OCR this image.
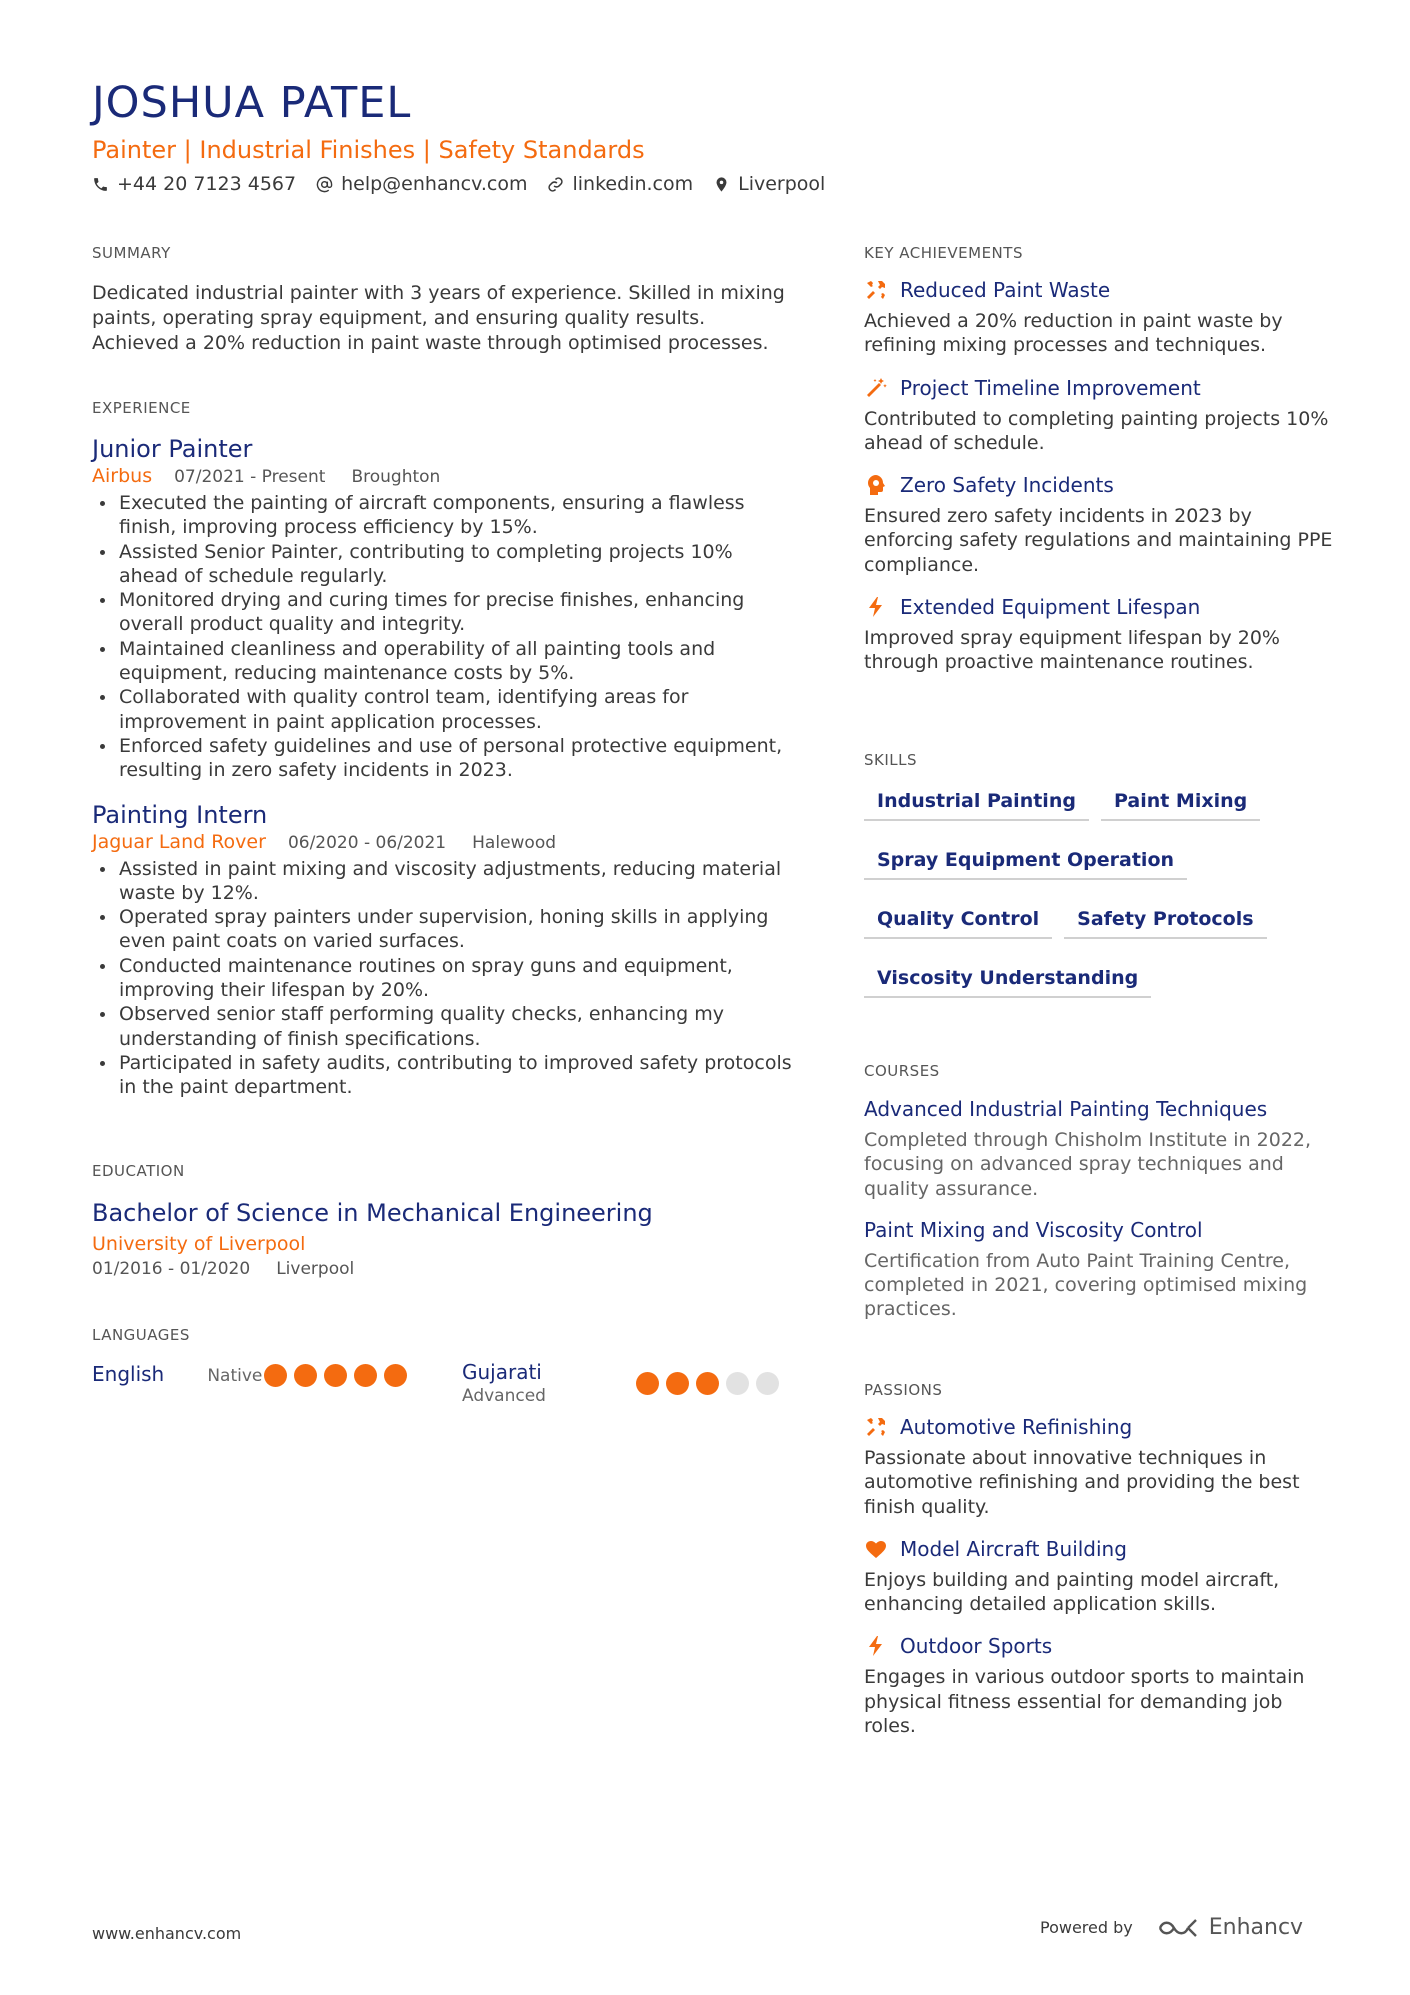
JOSHUA PATEL
Painter | Industrial Finishes | Safety Standards
+44 20 7123 4567 help@enhancv.com linkedin.com Liverpool
SUMMARY

Dedicated industrial painter with 3 years of experience. Skilled in mixing paints, operating spray equipment, and ensuring quality results. Achieved a 20% reduction in paint waste through optimised processes.

EXPERIENCE
Junior Painter
Airbus 07/2021 - Present Broughton
Executed the painting of aircraft components, ensuring a flawless finish, improving process efficiency by 15%.
Assisted Senior Painter, contributing to completing projects 10% ahead of schedule regularly.
Monitored drying and curing times for precise finishes, enhancing overall product quality and integrity.
Maintained cleanliness and operability of all painting tools and equipment, reducing maintenance costs by 5%.
Collaborated with quality control team, identifying areas for improvement in paint application processes.
Enforced safety guidelines and use of personal protective equipment, resulting in zero safety incidents in 2023.
Painting Intern
Jaguar Land Rover 06/2020 - 06/2021 Halewood
Assisted in paint mixing and viscosity adjustments, reducing material waste by 12%.
Operated spray painters under supervision, honing skills in applying even paint coats on varied surfaces.
Conducted maintenance routines on spray guns and equipment, improving their lifespan by 20%.
Observed senior staff performing quality checks, enhancing my understanding of finish specifications.
Participated in safety audits, contributing to improved safety protocols in the paint department.
EDUCATION
Bachelor of Science in Mechanical Engineering
University of Liverpool
01/2016 - 01/2020 Liverpool
LANGUAGES
English	Native	Gujarati
Advanced
KEY ACHIEVEMENTS
Reduced Paint Waste
Achieved a 20% reduction in paint waste by refining mixing processes and techniques.
Project Timeline Improvement
Contributed to completing painting projects 10% ahead of schedule.
Zero Safety Incidents
Ensured zero safety incidents in 2023 by enforcing safety regulations and maintaining PPE compliance.
Extended Equipment Lifespan
Improved spray equipment lifespan by 20% through proactive maintenance routines.
SKILLS
Industrial Painting	Paint Mixing
Spray Equipment Operation
Quality Control	Safety Protocols
Viscosity Understanding
COURSES
Advanced Industrial Painting Techniques
Completed through Chisholm Institute in 2022, focusing on advanced spray techniques and quality assurance.
Paint Mixing and Viscosity Control
Certification from Auto Paint Training Centre, completed in 2021, covering optimised mixing practices.
PASSIONS
Automotive Refinishing
Passionate about innovative techniques in automotive refinishing and providing the best finish quality.
Model Aircraft Building
Enjoys building and painting model aircraft, enhancing detailed application skills.
Outdoor Sports
Engages in various outdoor sports to maintain physical fitness essential for demanding job roles.
www.enhancv.com	Powered by	Enhancv
